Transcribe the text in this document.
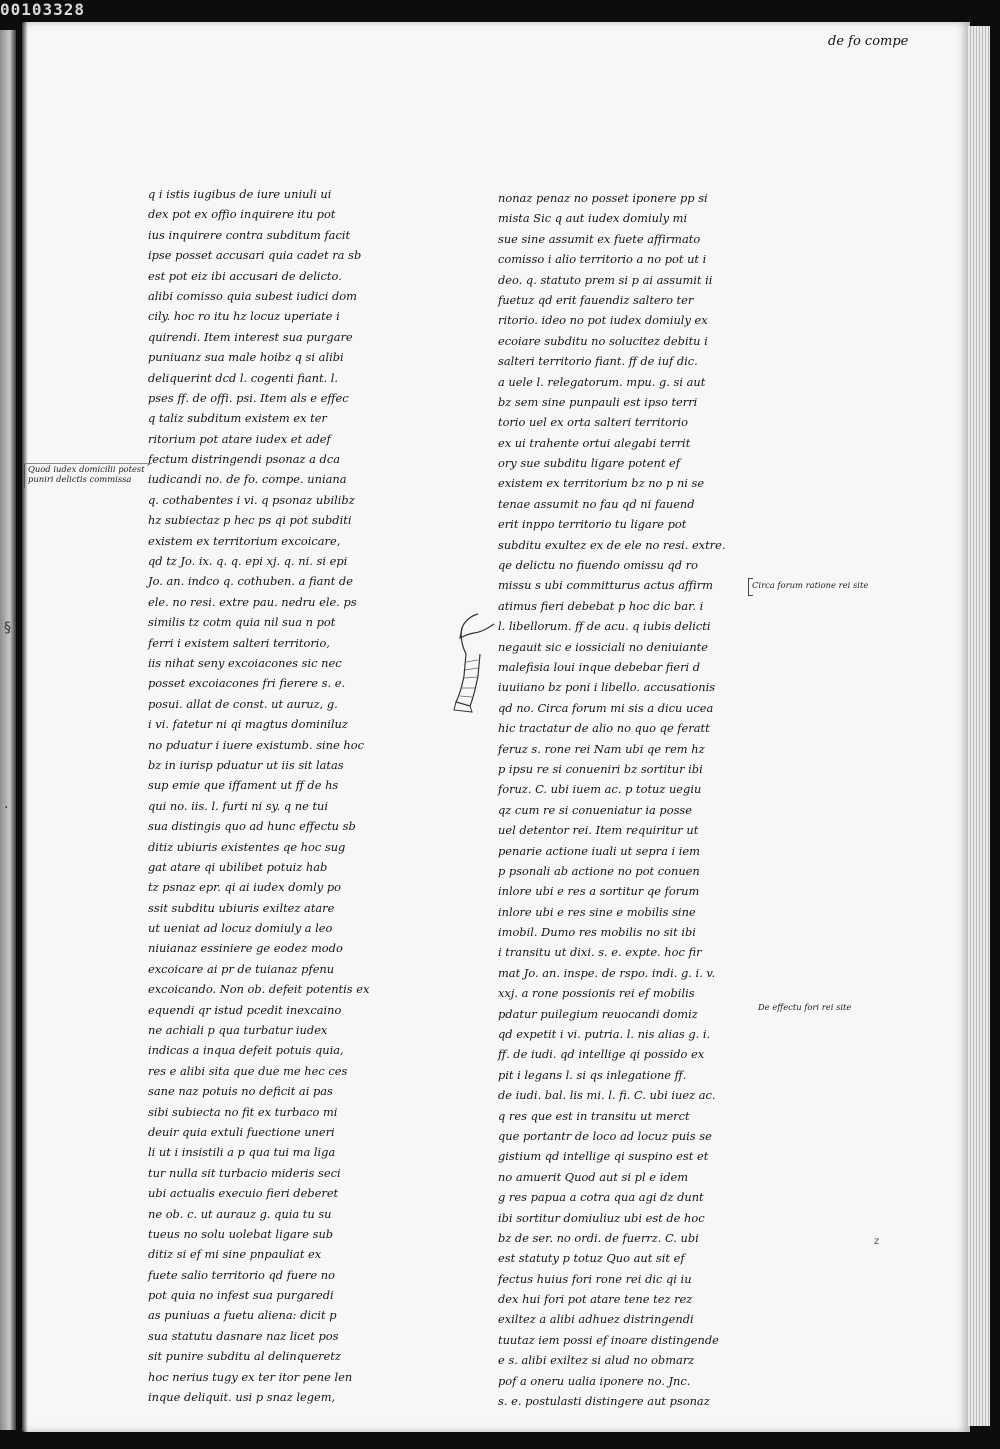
00103328
de fo compe
q i istis iugibus de iure uniuli ui
dex pot ex offio inquirere itu pot
ius inquirere contra subditum facit
ipse posset accusari quia cadet ra sb
est pot eiz ibi accusari de delicto.
alibi comisso quia subest iudici dom
cily. hoc ro itu hz locuz uperiate i
quirendi. Item interest sua purgare
puniuanz sua male hoibz q si alibi
deliquerint dcd l. cogenti fiant. l.
pses ff. de offi. psi. Item als e effec
q taliz subditum existem ex ter
ritorium pot atare iudex et adef
fectum distringendi psonaz a dca
iudicandi no. de fo. compe. uniana
q. cothabentes i vi. q psonaz ubilibz
hz subiectaz p hec ps qi pot subditi
existem ex territorium excoicare,
qd tz Jo. ix. q. q. epi xj. q. ni. si epi
Jo. an. indco q. cothuben. a fiant de
ele. no resi. extre pau. nedru ele. ps
similis tz cotm quia nil sua n pot
ferri i existem salteri territorio,
iis nihat seny excoiacones sic nec
posset excoiacones fri fierere s. e.
posui. allat de const. ut auruz, g.
i vi. fatetur ni qi magtus dominiluz
no pduatur i iuere existumb. sine hoc
bz in iurisp pduatur ut iis sit latas
sup emie que iffament ut ff de hs
qui no. iis. l. furti ni sy. q ne tui
sua distingis quo ad hunc effectu sb
ditiz ubiuris existentes qe hoc sug
gat atare qi ubilibet potuiz hab
tz psnaz epr. qi ai iudex domly po
ssit subditu ubiuris exiltez atare
ut ueniat ad locuz domiuly a leo
niuianaz essiniere ge eodez modo
excoicare ai pr de tuianaz pfenu
excoicando. Non ob. defeit potentis ex
equendi qr istud pcedit inexcaino
ne achiali p qua turbatur iudex
indicas a inqua defeit potuis quia,
res e alibi sita que due me hec ces
sane naz potuis no deficit ai pas
sibi subiecta no fit ex turbaco mi
deuir quia extuli fuectione uneri
li ut i insistili a p qua tui ma liga
tur nulla sit turbacio mideris seci
ubi actualis execuio fieri deberet
ne ob. c. ut aurauz g. quia tu su
tueus no solu uolebat ligare sub
ditiz si ef mi sine pnpauliat ex
fuete salio territorio qd fuere no
pot quia no infest sua purgaredi
as puniuas a fuetu aliena: dicit p
sua statutu dasnare naz licet pos
sit punire subditu al delinqueretz
hoc nerius tugy ex ter itor pene len
inque deliquit. usi p snaz legem,
nonaz penaz no posset iponere pp si
mista Sic q aut iudex domiuly mi
sue sine assumit ex fuete affirmato
comisso i alio territorio a no pot ut i
deo. q. statuto prem si p ai assumit ii
fuetuz qd erit fauendiz saltero ter
ritorio. ideo no pot iudex domiuly ex
ecoiare subditu no solucitez debitu i
salteri territorio fiant. ff de iuf dic.
a uele l. relegatorum. mpu. g. si aut
bz sem sine punpauli est ipso terri
torio uel ex orta salteri territorio
ex ui trahente ortui alegabi territ
ory sue subditu ligare potent ef
existem ex territorium bz no p ni se
tenae assumit no fau qd ni fauend
erit inppo territorio tu ligare pot
subditu exultez ex de ele no resi. extre.
qe delictu no fiuendo omissu qd ro
missu s ubi committurus actus affirm
atimus fieri debebat p hoc dic bar. i
l. libellorum. ff de acu. q iubis delicti
negauit sic e iossiciali no deniuiante
malefisia loui inque debebar fieri d
iuuiiano bz poni i libello. accusationis
qd no. Circa forum mi sis a dicu ucea
hic tractatur de alio no quo qe feratt
feruz s. rone rei Nam ubi qe rem hz
p ipsu re si conueniri bz sortitur ibi
foruz. C. ubi iuem ac. p totuz uegiu
qz cum re si conueniatur ia posse
uel detentor rei. Item requiritur ut
penarie actione iuali ut sepra i iem
p psonali ab actione no pot conuen
inlore ubi e res a sortitur qe forum
inlore ubi e res sine e mobilis sine
imobil. Dumo res mobilis no sit ibi
i transitu ut dixi. s. e. expte. hoc fir
mat Jo. an. inspe. de rspo. indi. g. i. v.
xxj. a rone possionis rei ef mobilis
pdatur puilegium reuocandi domiz
qd expetit i vi. putria. l. nis alias g. i.
ff. de iudi. qd intellige qi possido ex
pit i legans l. si qs inlegatione ff.
de iudi. bal. lis mi. l. fi. C. ubi iuez ac.
q res que est in transitu ut merct
que portantr de loco ad locuz puis se
gistium qd intellige qi suspino est et
no amuerit Quod aut si pl e idem
g res papua a cotra qua agi dz dunt
ibi sortitur domiuliuz ubi est de hoc
bz de ser. no ordi. de fuerrz. C. ubi
est statuty p totuz Quo aut sit ef
fectus huius fori rone rei dic qi iu
dex hui fori pot atare tene tez rez
exiltez a alibi adhuez distringendi
tuutaz iem possi ef inoare distingende
e s. alibi exiltez si alud no obmarz
pof a oneru ualia iponere no. Jnc.
s. e. postulasti distingere aut psonaz
Quod iudex domicilii potest
puniri delictis commissa
Circa forum ratione rei site
De effectu fori rei site
§
·
z
